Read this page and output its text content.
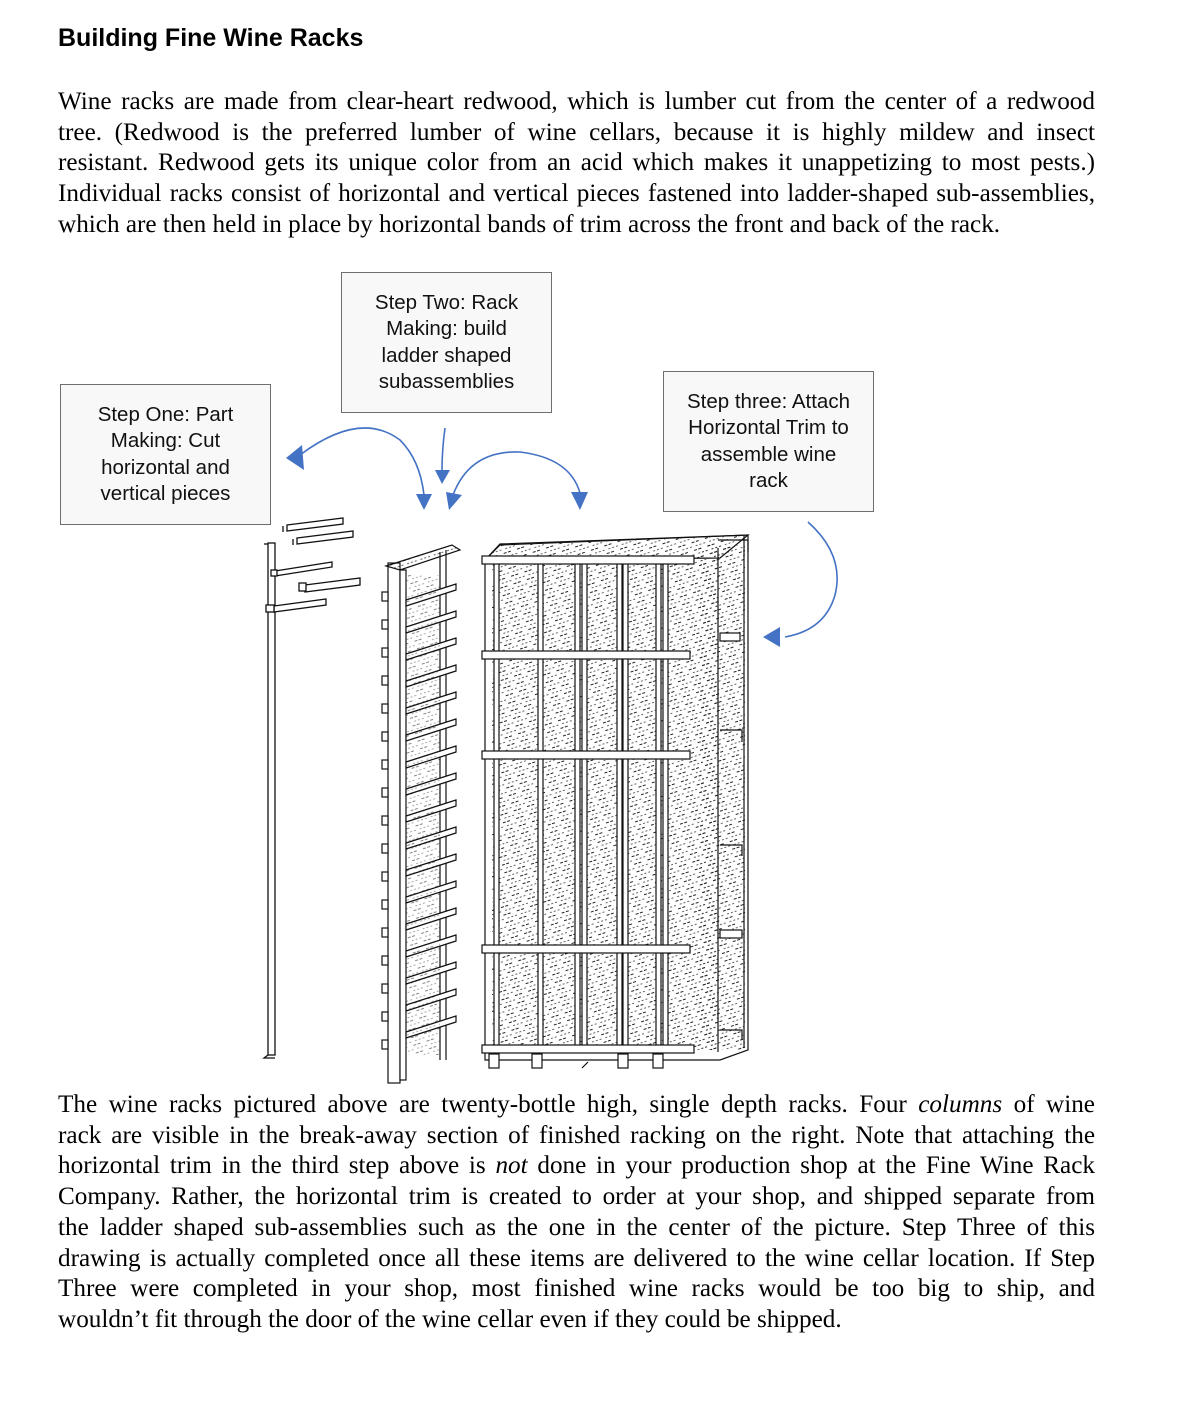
Building Fine Wine Racks

Wine racks are made from clear-heart redwood, which is lumber cut from the center of a redwood
tree. (Redwood is the preferred lumber of wine cellars, because it is highly mildew and insect
resistant. Redwood gets its unique color from an acid which makes it unappetizing to most pests.)
Individual racks consist of horizontal and vertical pieces fastened into ladder-shaped sub-assemblies,
which are then held in place by horizontal bands of trim across the front and back of the rack.

Step One: Part
Making: Cut
horizontal and
vertical pieces
Step Two: Rack
Making: build
ladder shaped
subassemblies
Step three: Attach
Horizontal Trim to
assemble wine
rack

The wine racks pictured above are twenty-bottle high, single depth racks. Four columns of wine
rack are visible in the break-away section of finished racking on the right. Note that attaching the
horizontal trim in the third step above is not done in your production shop at the Fine Wine Rack
Company. Rather, the horizontal trim is created to order at your shop, and shipped separate from
the ladder shaped sub-assemblies such as the one in the center of the picture. Step Three of this
drawing is actually completed once all these items are delivered to the wine cellar location. If Step
Three were completed in your shop, most finished wine racks would be too big to ship, and
wouldn’t fit through the door of the wine cellar even if they could be shipped.
